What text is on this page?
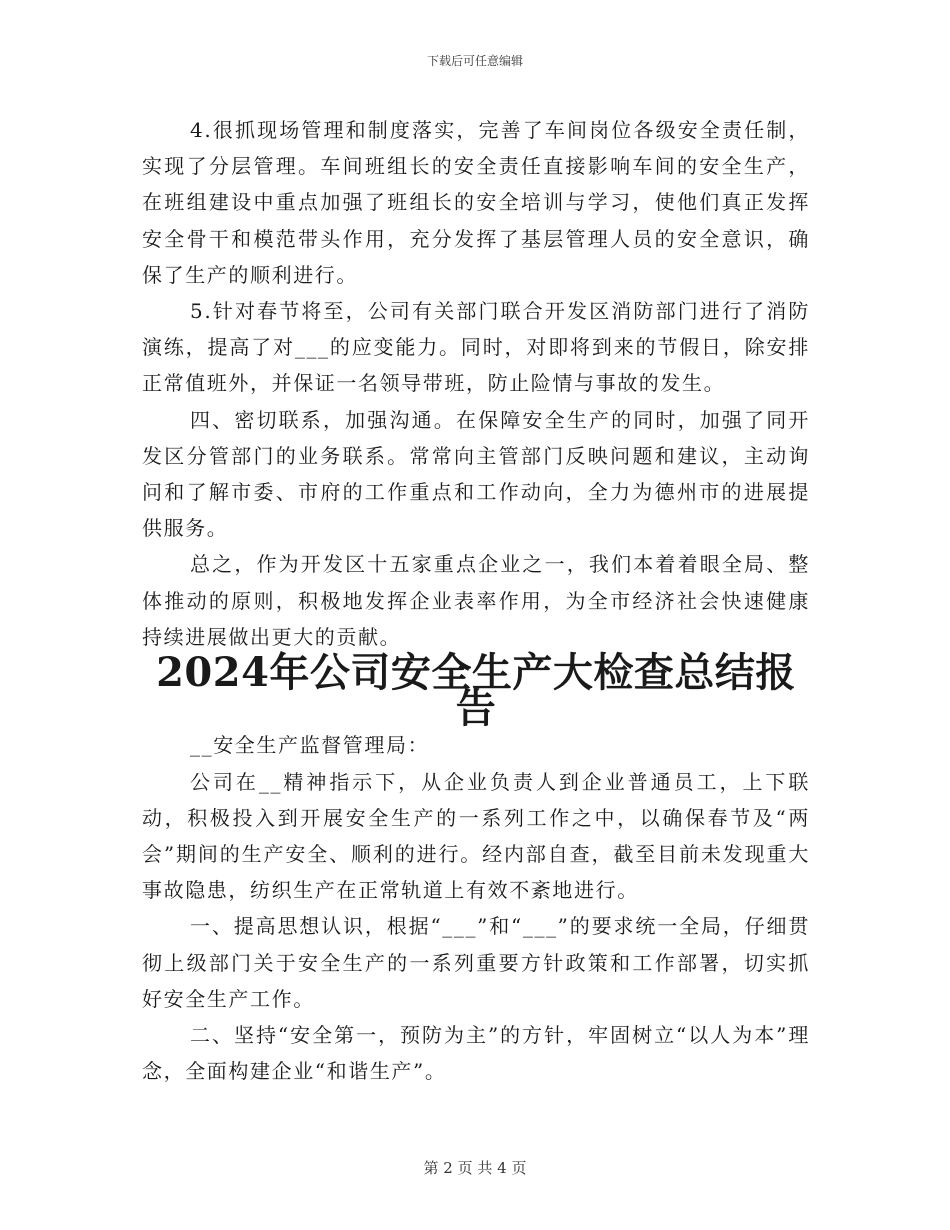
下载后可任意编辑

4.很抓现场管理和制度落实，完善了车间岗位各级安全责任制，实现了分层管理。车间班组长的安全责任直接影响车间的安全生产，在班组建设中重点加强了班组长的安全培训与学习，使他们真正发挥安全骨干和模范带头作用，充分发挥了基层管理人员的安全意识，确保了生产的顺利进行。

5.针对春节将至，公司有关部门联合开发区消防部门进行了消防演练，提高了对___的应变能力。同时，对即将到来的节假日，除安排正常值班外，并保证一名领导带班，防止险情与事故的发生。

四、密切联系，加强沟通。在保障安全生产的同时，加强了同开发区分管部门的业务联系。常常向主管部门反映问题和建议，主动询问和了解市委、市府的工作重点和工作动向，全力为德州市的进展提供服务。

总之，作为开发区十五家重点企业之一，我们本着着眼全局、整体推动的原则，积极地发挥企业表率作用，为全市经济社会快速健康持续进展做出更大的贡献。

2024年公司安全生产大检查总结报告

__安全生产监督管理局：

公司在__精神指示下，从企业负责人到企业普通员工，上下联动，积极投入到开展安全生产的一系列工作之中，以确保春节及“两会”期间的生产安全、顺利的进行。经内部自查，截至目前未发现重大事故隐患，纺织生产在正常轨道上有效不紊地进行。

一、提高思想认识，根据“___”和“___”的要求统一全局，仔细贯彻上级部门关于安全生产的一系列重要方针政策和工作部署，切实抓好安全生产工作。

二、坚持“安全第一，预防为主”的方针，牢固树立“以人为本”理念，全面构建企业“和谐生产”。

第 2 页 共 4 页
